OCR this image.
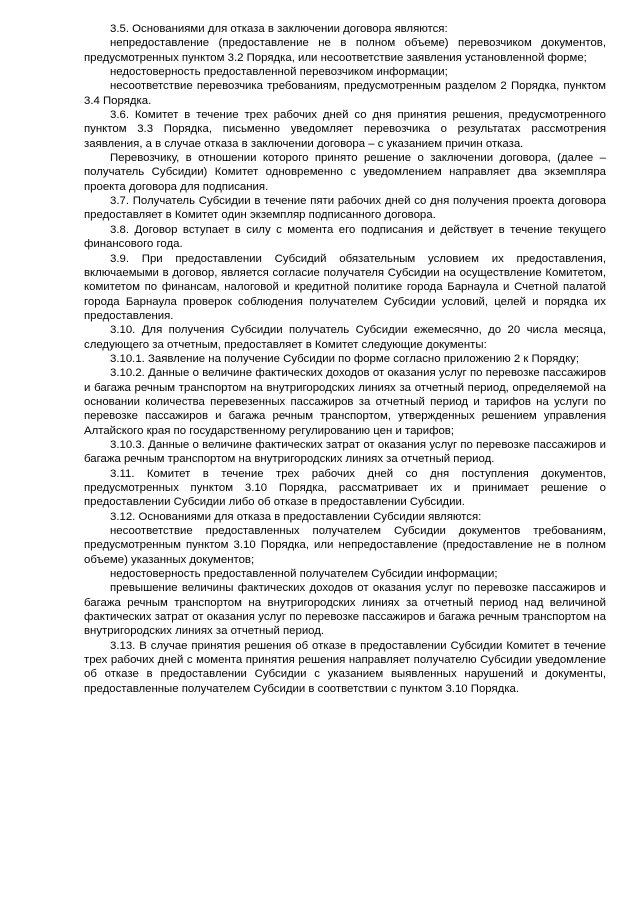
3.5. Основаниями для отказа в заключении договора являются:

непредоставление (предоставление не в полном объеме) перевозчиком документов, предусмотренных пунктом 3.2 Порядка, или несоответствие заявления установленной форме;

недостоверность предоставленной перевозчиком информации;

несоответствие перевозчика требованиям, предусмотренным разделом 2 Порядка, пунктом 3.4 Порядка.

3.6. Комитет в течение трех рабочих дней со дня принятия решения, предусмотренного пунктом 3.3 Порядка, письменно уведомляет перевозчика о результатах рассмотрения заявления, а в случае отказа в заключении договора – с указанием причин отказа.

Перевозчику, в отношении которого принято решение о заключении договора, (далее – получатель Субсидии) Комитет одновременно с уведомлением направляет два экземпляра проекта договора для подписания.

3.7. Получатель Субсидии в течение пяти рабочих дней со дня получения проекта договора предоставляет в Комитет один экземпляр подписанного договора.

3.8. Договор вступает в силу с момента его подписания и действует в течение текущего финансового года.

3.9. При предоставлении Субсидий обязательным условием их предоставления, включаемыми в договор, является согласие получателя Субсидии на осуществление Комитетом, комитетом по финансам, налоговой и кредитной политике города Барнаула и Счетной палатой города Барнаула проверок соблюдения получателем Субсидии условий, целей и порядка их предоставления.

3.10. Для получения Субсидии получатель Субсидии ежемесячно, до 20 числа месяца, следующего за отчетным, предоставляет в Комитет следующие документы:

3.10.1. Заявление на получение Субсидии по форме согласно приложению 2 к Порядку;

3.10.2. Данные о величине фактических доходов от оказания услуг по перевозке пассажиров и багажа речным транспортом на внутригородских линиях за отчетный период, определяемой на основании количества перевезенных пассажиров за отчетный период и тарифов на услуги по перевозке пассажиров и багажа речным транспортом, утвержденных решением управления Алтайского края по государственному регулированию цен и тарифов;

3.10.3. Данные о величине фактических затрат от оказания услуг по перевозке пассажиров и багажа речным транспортом на внутригородских линиях за отчетный период.

3.11. Комитет в течение трех рабочих дней со дня поступления документов, предусмотренных пунктом 3.10 Порядка, рассматривает их и принимает решение о предоставлении Субсидии либо об отказе в предоставлении Субсидии.

3.12. Основаниями для отказа в предоставлении Субсидии являются:

несоответствие предоставленных получателем Субсидии документов требованиям, предусмотренным пунктом 3.10 Порядка, или непредоставление (предоставление не в полном объеме) указанных документов;

недостоверность предоставленной получателем Субсидии информации;

превышение величины фактических доходов от оказания услуг по перевозке пассажиров и багажа речным транспортом на внутригородских линиях за отчетный период над величиной фактических затрат от оказания услуг по перевозке пассажиров и багажа речным транспортом на внутригородских линиях за отчетный период.

3.13. В случае принятия решения об отказе в предоставлении Субсидии Комитет в течение трех рабочих дней с момента принятия решения направляет получателю Субсидии уведомление об отказе в предоставлении Субсидии с указанием выявленных нарушений и документы, предоставленные получателем Субсидии в соответствии с пунктом 3.10 Порядка.
